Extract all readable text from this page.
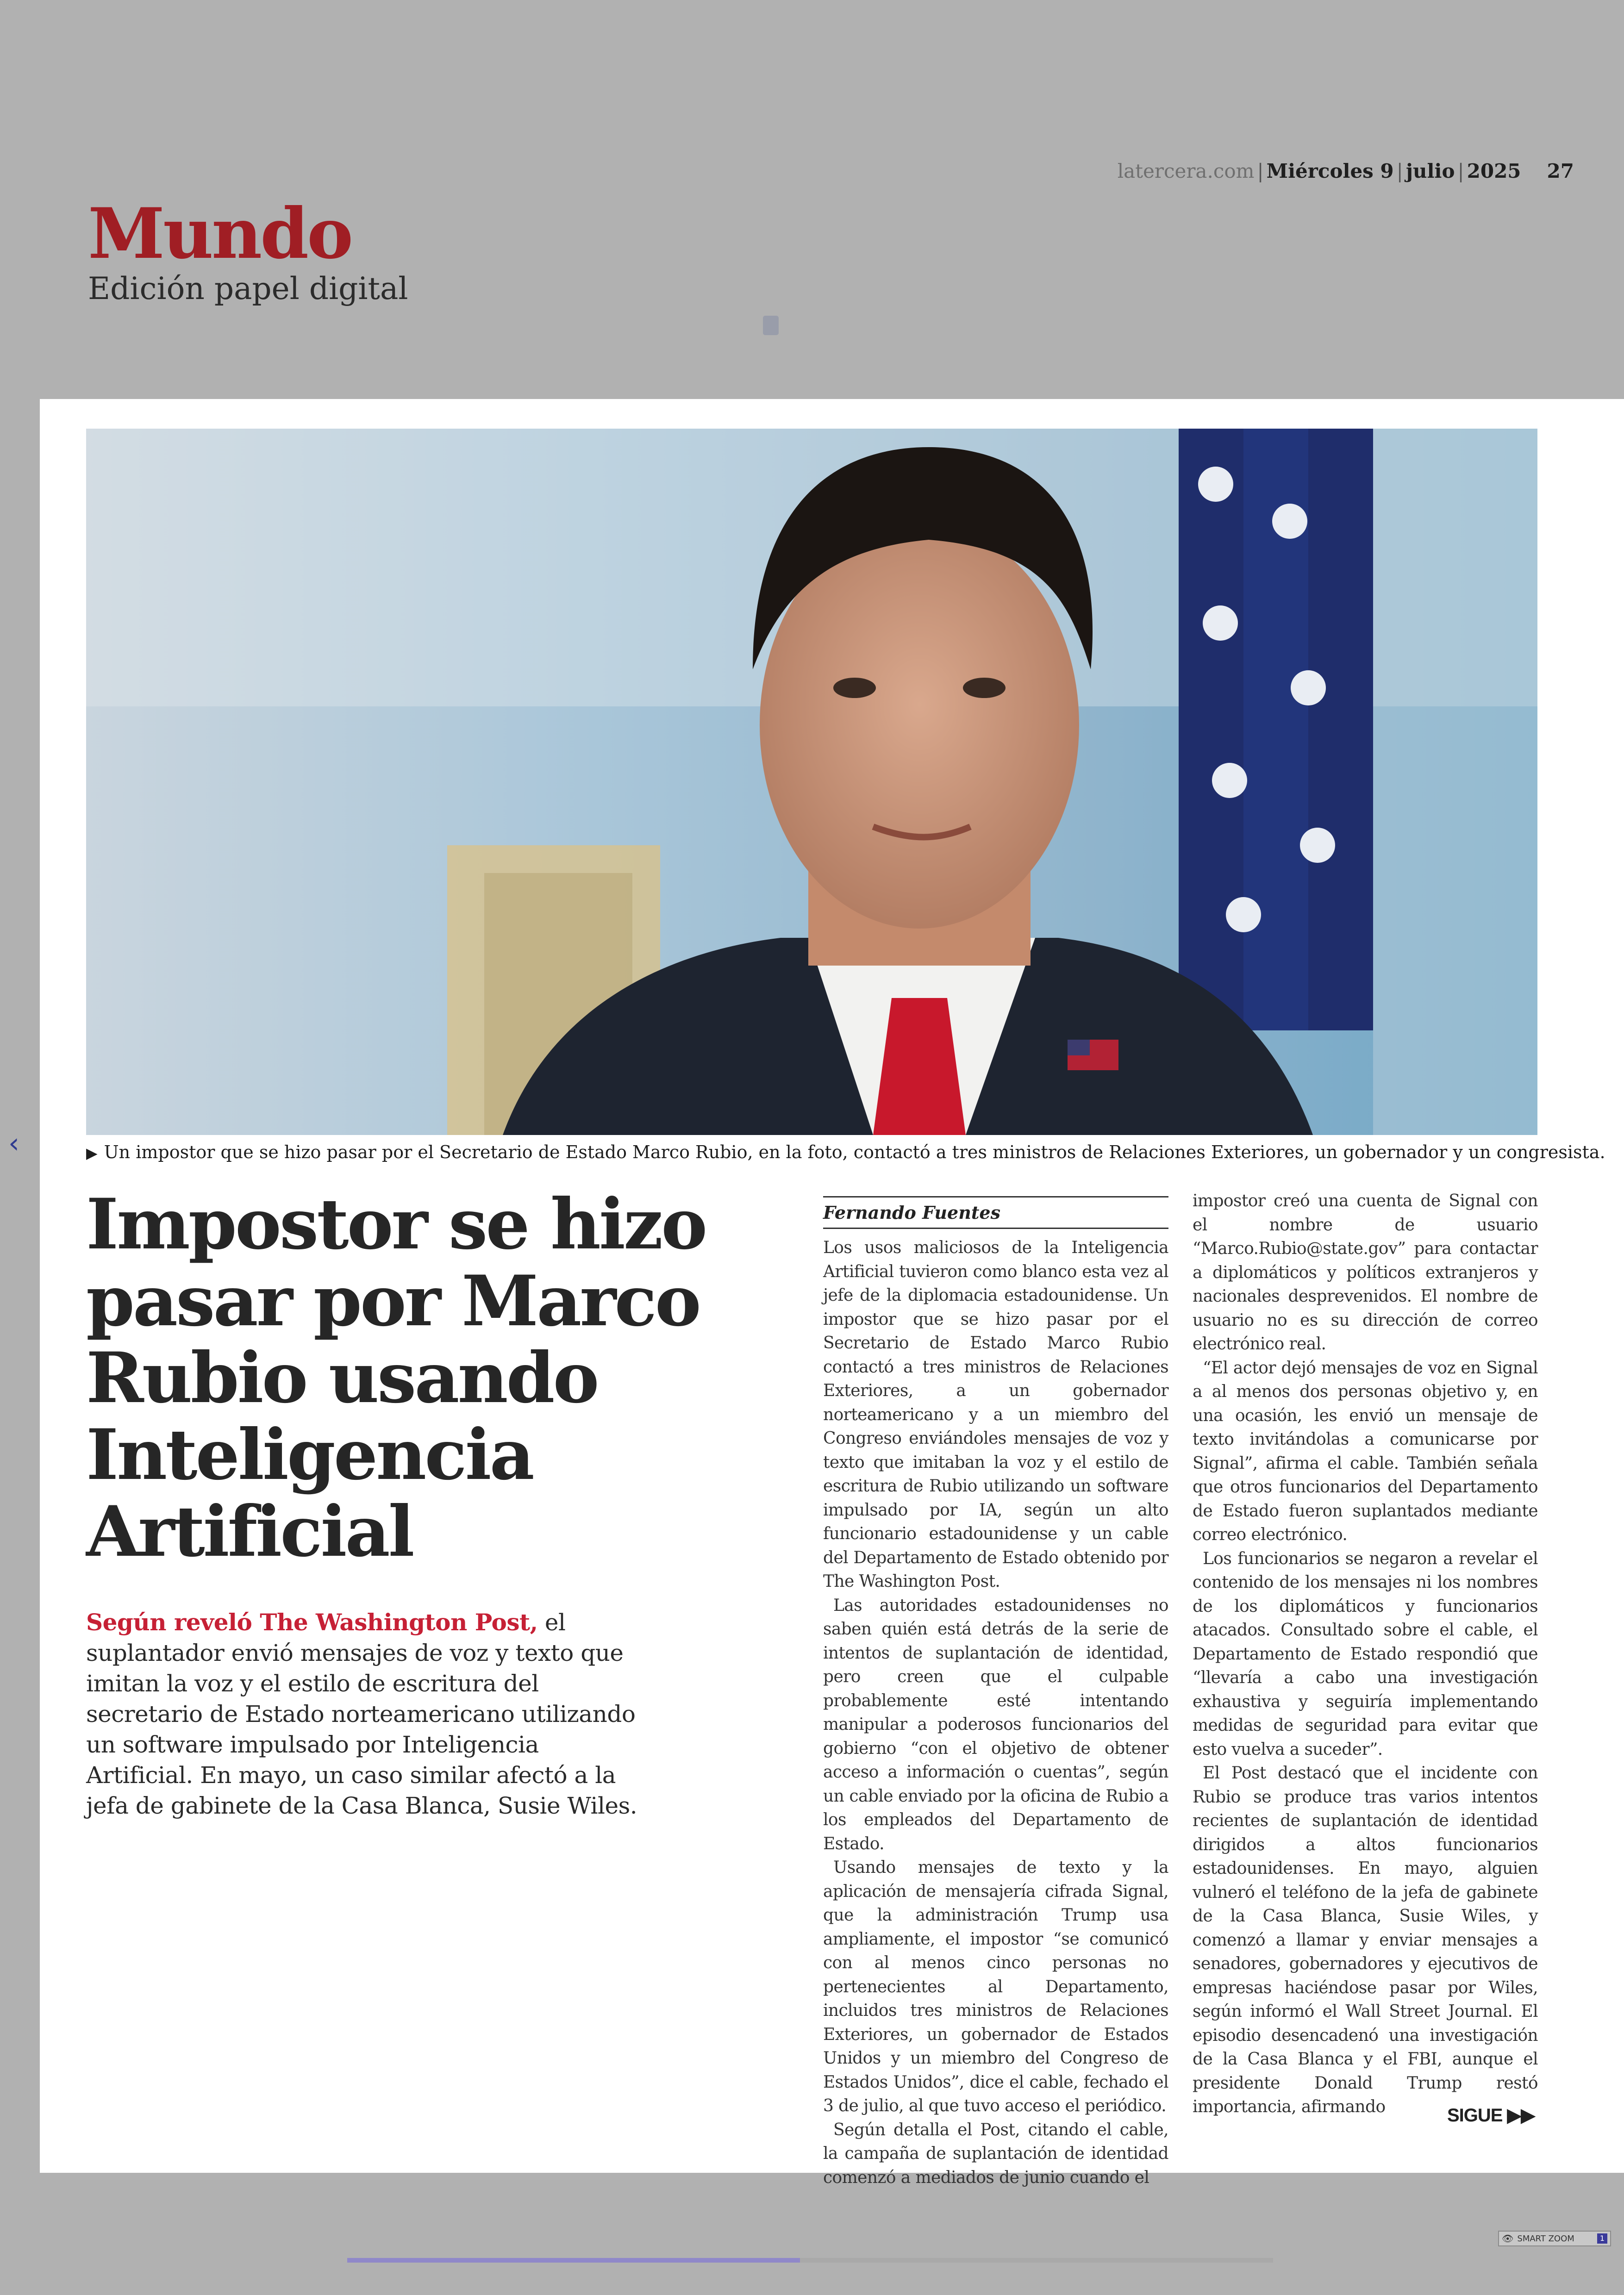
latercera.com | Miércoles 9 | julio | 2025 27
Mundo
Edición papel digital
‹	▶ Un impostor que se hizo pasar por el Secretario de Estado Marco Rubio, en la foto, contactó a tres ministros de Relaciones Exteriores, un gobernador y un congresista.
Impostor se hizo pasar por Marco Rubio usando Inteligencia Artificial

Según reveló The Washington Post, el suplantador envió mensajes de voz y texto que imitan la voz y el estilo de escritura del secretario de Estado norteamericano utilizando un software impulsado por Inteligencia Artificial. En mayo, un caso similar afectó a la jefa de gabinete de la Casa Blanca, Susie Wiles.

Fernando Fuentes

Los usos maliciosos de la Inteligencia Artificial tuvieron como blanco esta vez al jefe de la diplomacia estadounidense. Un impostor que se hizo pasar por el Secretario de Estado Marco Rubio contactó a tres ministros de Relaciones Exteriores, a un gobernador norteamericano y a un miembro del Congreso enviándoles mensajes de voz y texto que imitaban la voz y el estilo de escritura de Rubio utilizando un software impulsado por IA, según un alto funcionario estadounidense y un cable del Departamento de Estado obtenido por The Washington Post.

Las autoridades estadounidenses no saben quién está detrás de la serie de intentos de suplantación de identidad, pero creen que el culpable probablemente esté intentando manipular a poderosos funcionarios del gobierno “con el objetivo de obtener acceso a información o cuentas”, según un cable enviado por la oficina de Rubio a los empleados del Departamento de Estado.

Usando mensajes de texto y la aplicación de mensajería cifrada Signal, que la administración Trump usa ampliamente, el impostor “se comunicó con al menos cinco personas no pertenecientes al Departamento, incluidos tres ministros de Relaciones Exteriores, un gobernador de Estados Unidos y un miembro del Congreso de Estados Unidos”, dice el cable, fechado el 3 de julio, al que tuvo acceso el periódico.

Según detalla el Post, citando el cable, la campaña de suplantación de identidad comenzó a mediados de junio cuando el

impostor creó una cuenta de Signal con el nombre de usuario “Marco.Rubio@state.gov” para contactar a diplomáticos y políticos extranjeros y nacionales desprevenidos. El nombre de usuario no es su dirección de correo electrónico real.

“El actor dejó mensajes de voz en Signal a al menos dos personas objetivo y, en una ocasión, les envió un mensaje de texto invitándolas a comunicarse por Signal”, afirma el cable. También señala que otros funcionarios del Departamento de Estado fueron suplantados mediante correo electrónico.

Los funcionarios se negaron a revelar el contenido de los mensajes ni los nombres de los diplomáticos y funcionarios atacados. Consultado sobre el cable, el Departamento de Estado respondió que “llevaría a cabo una investigación exhaustiva y seguiría implementando medidas de seguridad para evitar que esto vuelva a suceder”.

El Post destacó que el incidente con Rubio se produce tras varios intentos recientes de suplantación de identidad dirigidos a altos funcionarios estadounidenses. En mayo, alguien vulneró el teléfono de la jefa de gabinete de la Casa Blanca, Susie Wiles, y comenzó a llamar y enviar mensajes a senadores, gobernadores y ejecutivos de empresas haciéndose pasar por Wiles, según informó el Wall Street Journal. El episodio desencadenó una investigación de la Casa Blanca y el FBI, aunque el presidente Donald Trump restó importancia, afirmando	SIGUE ▶▶
👁 SMART ZOOM	1
